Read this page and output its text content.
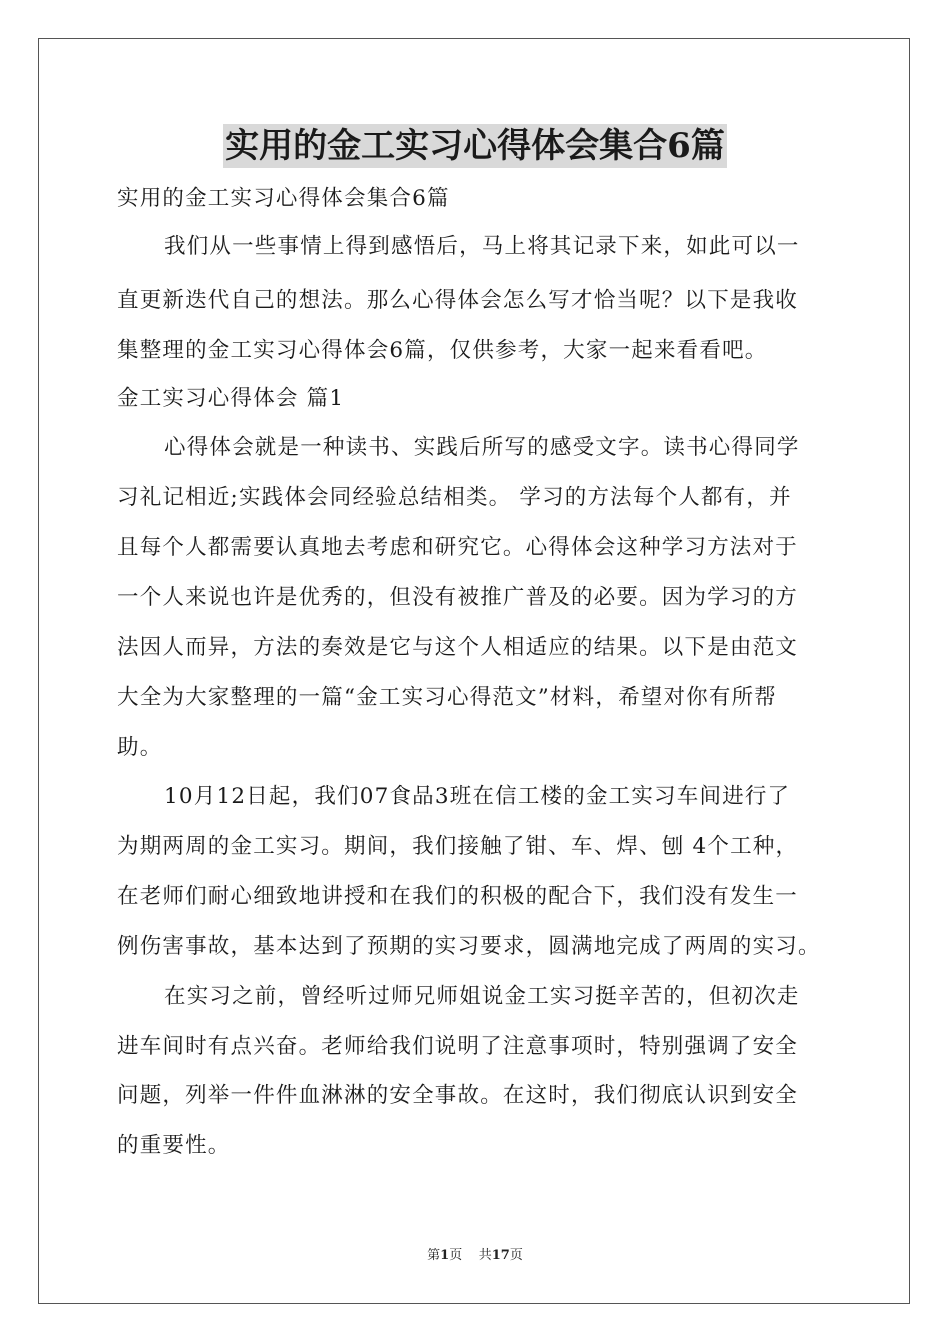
实用的金工实习心得体会集合6篇
实用的金工实习心得体会集合6篇
我们从一些事情上得到感悟后，马上将其记录下来，如此可以一
直更新迭代自己的想法。那么心得体会怎么写才恰当呢？以下是我收
集整理的金工实习心得体会6篇，仅供参考，大家一起来看看吧。
金工实习心得体会 篇1
心得体会就是一种读书、实践后所写的感受文字。读书心得同学
习礼记相近;实践体会同经验总结相类。 学习的方法每个人都有，并
且每个人都需要认真地去考虑和研究它。心得体会这种学习方法对于
一个人来说也许是优秀的，但没有被推广普及的必要。因为学习的方
法因人而异，方法的奏效是它与这个人相适应的结果。以下是由范文
大全为大家整理的一篇“金工实习心得范文”材料，希望对你有所帮
助。
10月12日起，我们07食品3班在信工楼的金工实习车间进行了
为期两周的金工实习。期间，我们接触了钳、车、焊、刨 4个工种，
在老师们耐心细致地讲授和在我们的积极的配合下，我们没有发生一
例伤害事故，基本达到了预期的实习要求，圆满地完成了两周的实习。
在实习之前，曾经听过师兄师姐说金工实习挺辛苦的，但初次走
进车间时有点兴奋。老师给我们说明了注意事项时，特别强调了安全
问题，列举一件件血淋淋的安全事故。在这时，我们彻底认识到安全
的重要性。
第1页    共17页
